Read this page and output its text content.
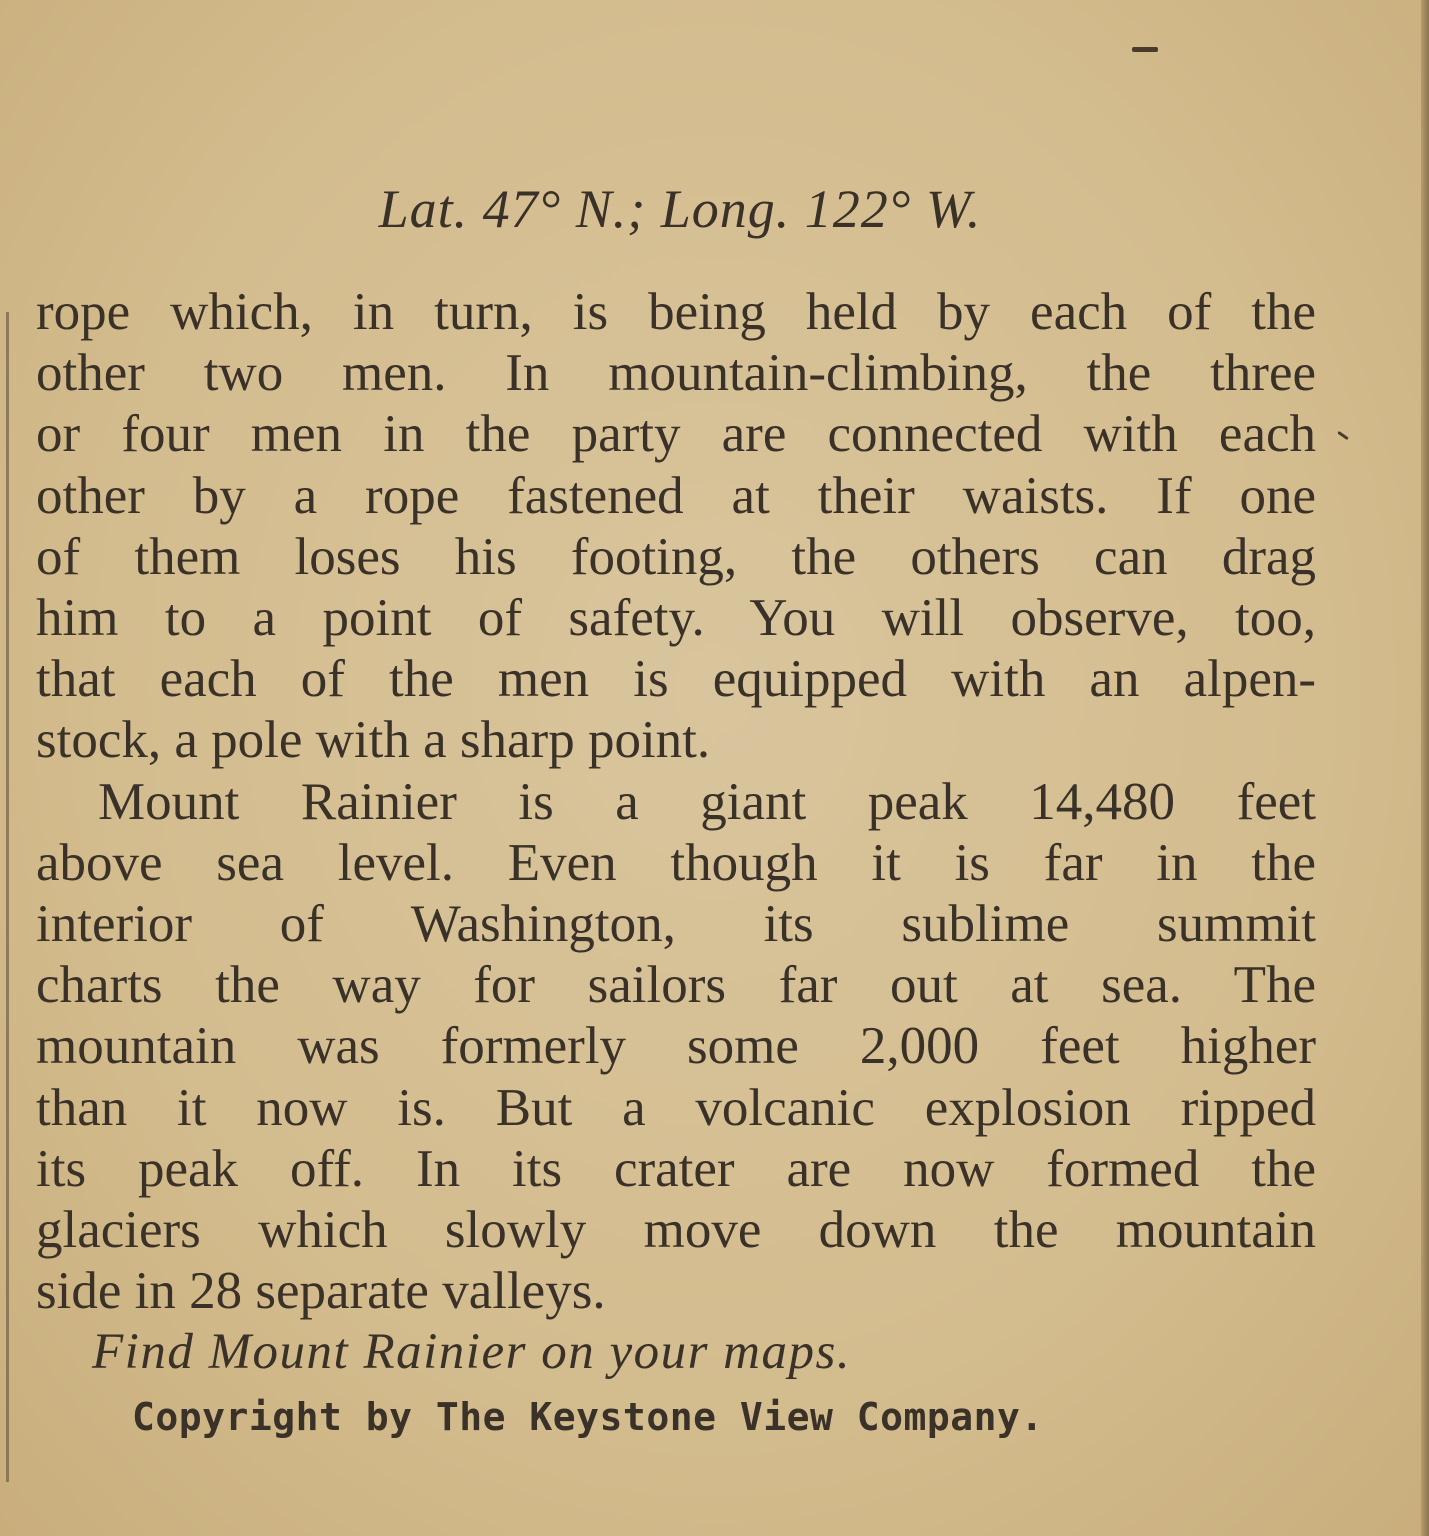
Lat. 47° N.; Long. 122° W.
rope which, in turn, is being held by each of the
other two men. In mountain-climbing, the three
or four men in the party are connected with each
other by a rope fastened at their waists. If one
of them loses his footing, the others can drag
him to a point of safety. You will observe, too,
that each of the men is equipped with an alpen-
stock, a pole with a sharp point.
Mount Rainier is a giant peak 14,480 feet
above sea level. Even though it is far in the
interior of Washington, its sublime summit
charts the way for sailors far out at sea. The
mountain was formerly some 2,000 feet higher
than it now is. But a volcanic explosion ripped
its peak off. In its crater are now formed the
glaciers which slowly move down the mountain
side in 28 separate valleys.
Find Mount Rainier on your maps.
Copyright by The Keystone View Company.
